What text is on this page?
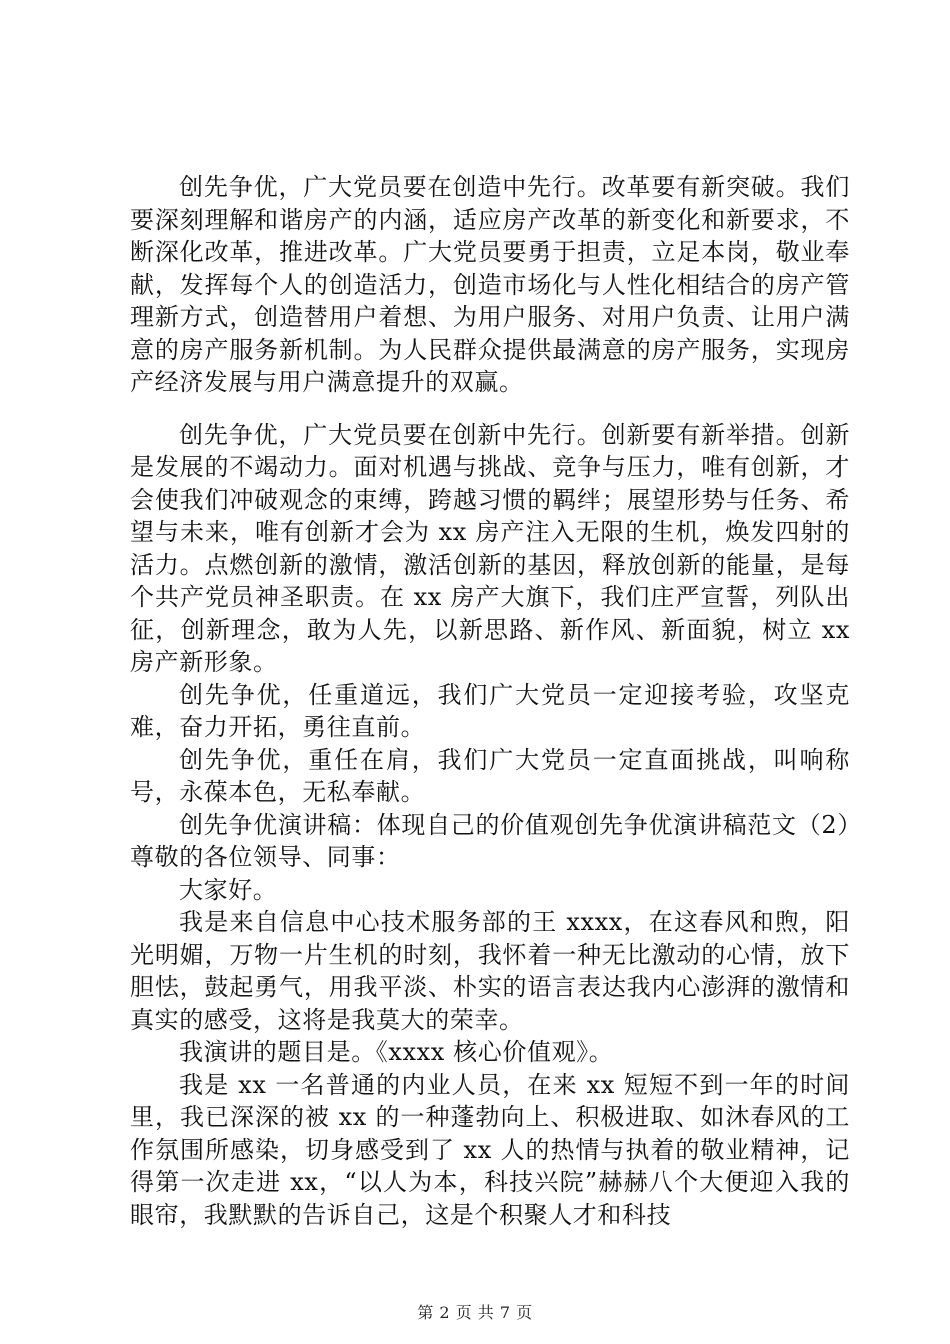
创先争优，广大党员要在创造中先行。改革要有新突破。我们要深刻理解和谐房产的内涵，适应房产改革的新变化和新要求，不断深化改革，推进改革。广大党员要勇于担责，立足本岗，敬业奉献，发挥每个人的创造活力，创造市场化与人性化相结合的房产管理新方式，创造替用户着想、为用户服务、对用户负责、让用户满意的房产服务新机制。为人民群众提供最满意的房产服务，实现房产经济发展与用户满意提升的双赢。

创先争优，广大党员要在创新中先行。创新要有新举措。创新是发展的不竭动力。面对机遇与挑战、竞争与压力，唯有创新，才会使我们冲破观念的束缚，跨越习惯的羁绊；展望形势与任务、希望与未来，唯有创新才会为 xx 房产注入无限的生机，焕发四射的活力。点燃创新的激情，激活创新的基因，释放创新的能量，是每个共产党员神圣职责。在 xx 房产大旗下，我们庄严宣誓，列队出征，创新理念，敢为人先，以新思路、新作风、新面貌，树立 xx 房产新形象。

创先争优，任重道远，我们广大党员一定迎接考验，攻坚克难，奋力开拓，勇往直前。

创先争优，重任在肩，我们广大党员一定直面挑战，叫响称号，永葆本色，无私奉献。

创先争优演讲稿：体现自己的价值观创先争优演讲稿范文（2）尊敬的各位领导、同事：

大家好。

我是来自信息中心技术服务部的王 xxxx，在这春风和煦，阳光明媚，万物一片生机的时刻，我怀着一种无比激动的心情，放下胆怯，鼓起勇气，用我平淡、朴实的语言表达我内心澎湃的激情和真实的感受，这将是我莫大的荣幸。

我演讲的题目是。《xxxx 核心价值观》。

我是 xx 一名普通的内业人员，在来 xx 短短不到一年的时间里，我已深深的被 xx 的一种蓬勃向上、积极进取、如沐春风的工作氛围所感染，切身感受到了 xx 人的热情与执着的敬业精神，记得第一次走进 xx，“以人为本，科技兴院”赫赫八个大便迎入我的眼帘，我默默的告诉自己，这是个积聚人才和科技

第 2 页 共 7 页
